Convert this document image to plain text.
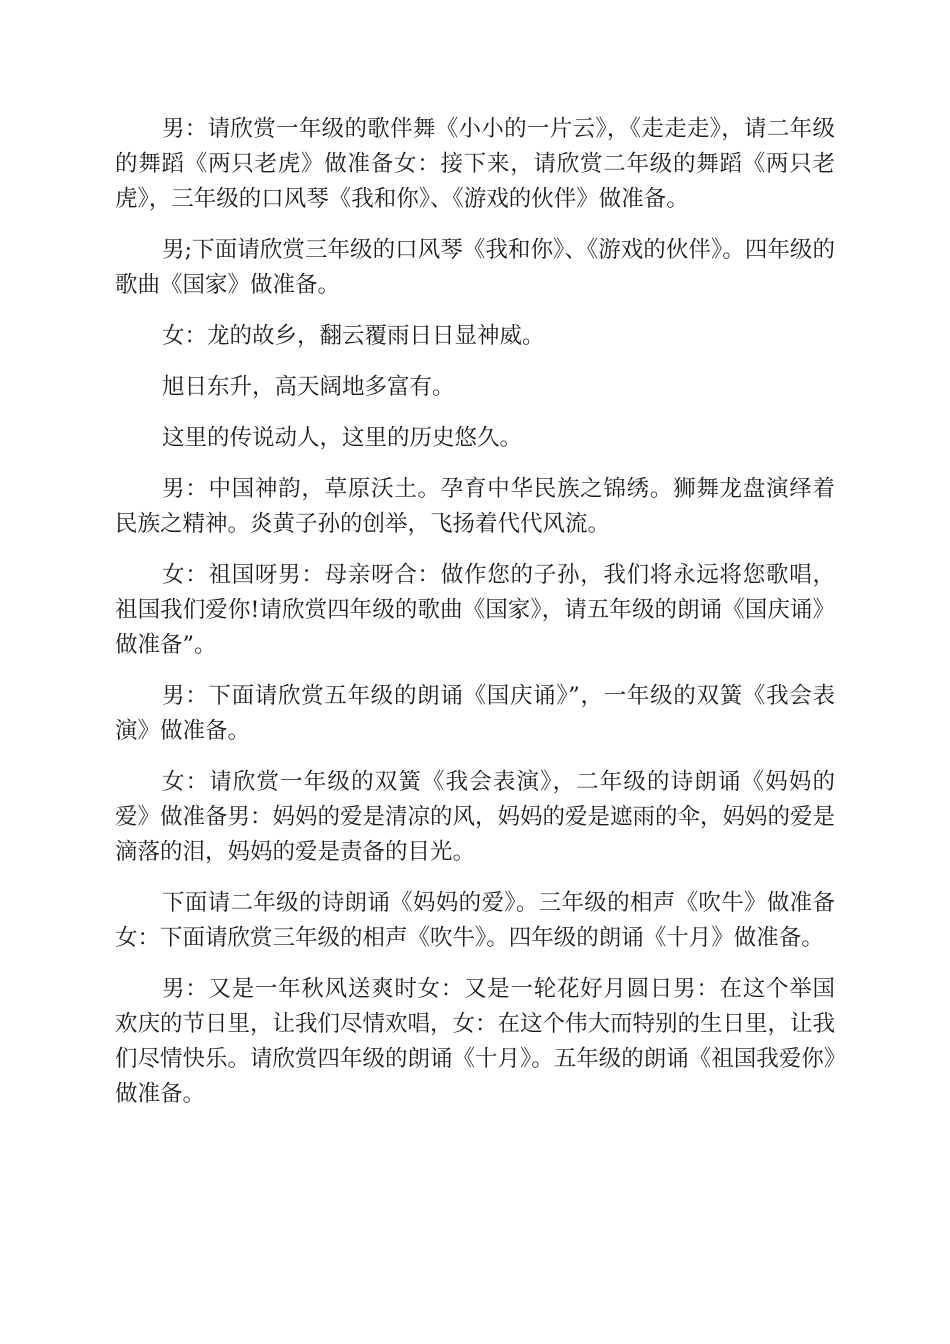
男：请欣赏一年级的歌伴舞《小小的一片云》，《走走走》，请二年级的舞蹈《两只老虎》做准备女：接下来，请欣赏二年级的舞蹈《两只老虎》，三年级的口风琴《我和你》、《游戏的伙伴》做准备。

男;下面请欣赏三年级的口风琴《我和你》、《游戏的伙伴》。四年级的歌曲《国家》做准备。

女：龙的故乡，翻云覆雨日日显神威。

旭日东升，高天阔地多富有。

这里的传说动人，这里的历史悠久。

男：中国神韵，草原沃土。孕育中华民族之锦绣。狮舞龙盘演绎着民族之精神。炎黄子孙的创举，飞扬着代代风流。

女：祖国呀男：母亲呀合：做作您的子孙，我们将永远将您歌唱，祖国我们爱你!请欣赏四年级的歌曲《国家》，请五年级的朗诵《国庆诵》做准备”。

男：下面请欣赏五年级的朗诵《国庆诵》”，一年级的双簧《我会表演》做准备。

女：请欣赏一年级的双簧《我会表演》，二年级的诗朗诵《妈妈的爱》做准备男：妈妈的爱是清凉的风，妈妈的爱是遮雨的伞，妈妈的爱是滴落的泪，妈妈的爱是责备的目光。

下面请二年级的诗朗诵《妈妈的爱》。三年级的相声《吹牛》做准备女：下面请欣赏三年级的相声《吹牛》。四年级的朗诵《十月》做准备。

男：又是一年秋风送爽时女：又是一轮花好月圆日男：在这个举国欢庆的节日里，让我们尽情欢唱，女：在这个伟大而特别的生日里，让我们尽情快乐。请欣赏四年级的朗诵《十月》。五年级的朗诵《祖国我爱你》做准备。
